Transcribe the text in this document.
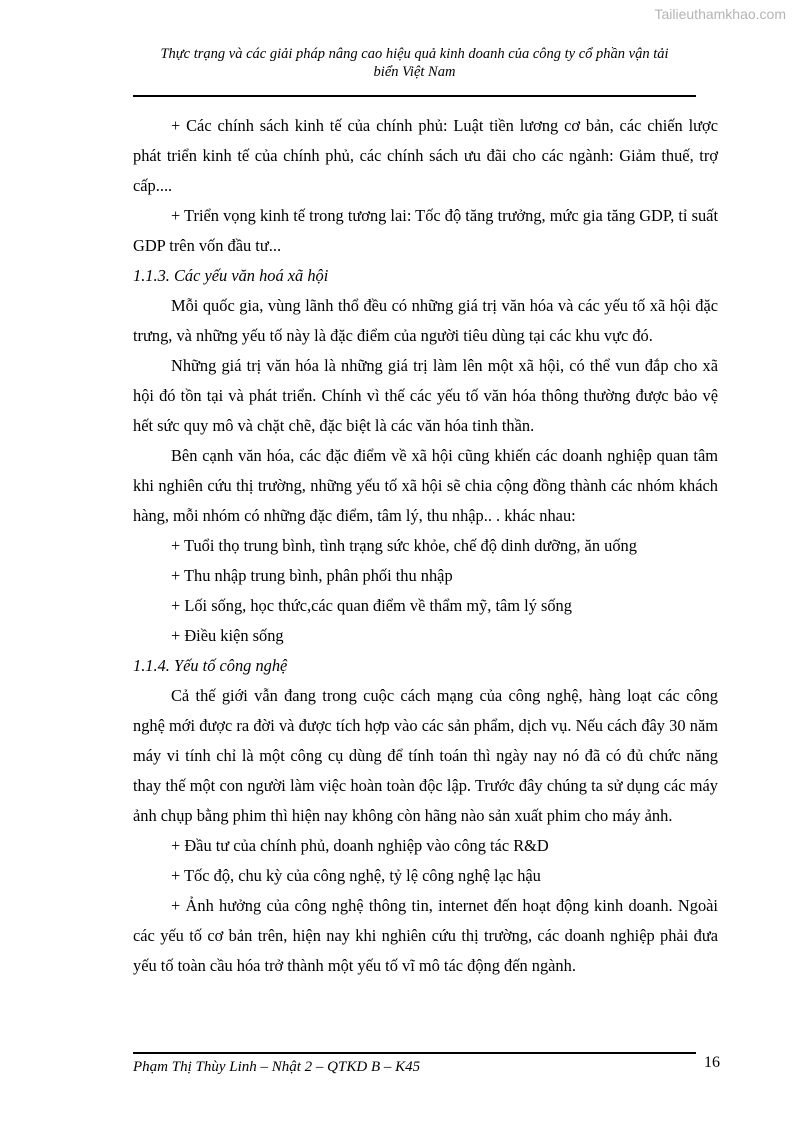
Tailieuthamkhao.com
Thực trạng và các giải pháp nâng cao hiệu quả kinh doanh của công ty cổ phần vận tải
biển Việt Nam

+ Các chính sách kinh tế của chính phủ: Luật tiền lương cơ bản, các chiến lược phát triển kinh tế của chính phủ, các chính sách ưu đãi cho các ngành: Giảm thuế, trợ cấp....

+ Triển vọng kinh tế trong tương lai: Tốc độ tăng trưởng, mức gia tăng GDP, tỉ suất GDP trên vốn đầu tư...

1.1.3. Các yếu văn hoá xã hội

Mỗi quốc gia, vùng lãnh thổ đều có những giá trị văn hóa và các yếu tố xã hội đặc trưng, và những yếu tố này là đặc điểm của người tiêu dùng tại các khu vực đó.

Những giá trị văn hóa là những giá trị làm lên một xã hội, có thể vun đắp cho xã hội đó tồn tại và phát triển. Chính vì thế các yếu tố văn hóa thông thường được bảo vệ hết sức quy mô và chặt chẽ, đặc biệt là các văn hóa tinh thần.

Bên cạnh văn hóa, các đặc điểm về xã hội cũng khiến các doanh nghiệp quan tâm khi nghiên cứu thị trường, những yếu tố xã hội sẽ chia cộng đồng thành các nhóm khách hàng, mỗi nhóm có những đặc điểm, tâm lý, thu nhập.. . khác nhau:

+ Tuổi thọ trung bình, tình trạng sức khỏe, chế độ dinh dưỡng, ăn uống

+ Thu nhập trung bình, phân phối thu nhập

+ Lối sống, học thức,các quan điểm về thẩm mỹ, tâm lý sống

+ Điều kiện sống

1.1.4. Yếu tố công nghệ

Cả thế giới vẫn đang trong cuộc cách mạng của công nghệ, hàng loạt các công nghệ mới được ra đời và được tích hợp vào các sản phẩm, dịch vụ. Nếu cách đây 30 năm máy vi tính chỉ là một công cụ dùng để tính toán thì ngày nay nó đã có đủ chức năng thay thế một con người làm việc hoàn toàn độc lập. Trước đây chúng ta sử dụng các máy ảnh chụp bằng phim thì hiện nay không còn hãng nào sản xuất phim cho máy ảnh.

+ Đầu tư của chính phủ, doanh nghiệp vào công tác R&D

+ Tốc độ, chu kỳ của công nghệ, tỷ lệ công nghệ lạc hậu

+ Ảnh hưởng của công nghệ thông tin, internet đến hoạt động kinh doanh. Ngoài các yếu tố cơ bản trên, hiện nay khi nghiên cứu thị trường, các doanh nghiệp phải đưa yếu tố toàn cầu hóa trở thành một yếu tố vĩ mô tác động đến ngành.

Phạm Thị Thùy Linh – Nhật 2 – QTKD B – K45	16
